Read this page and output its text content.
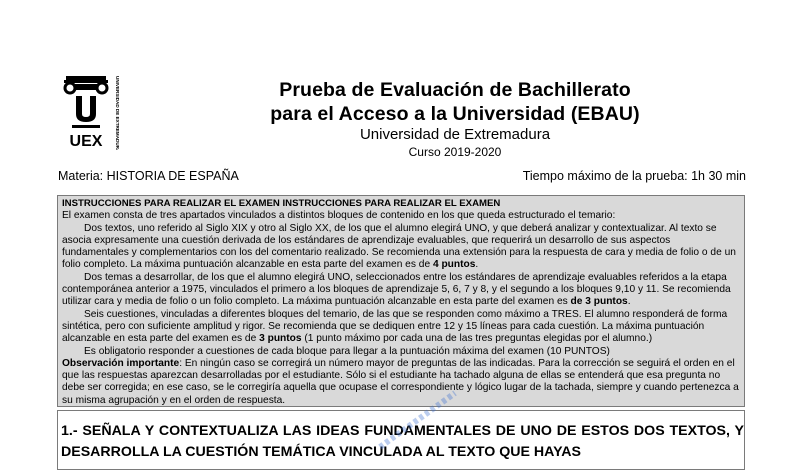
UEX	UNIVERSIDAD DE EXTREMADURA	Prueba de Evaluación de Bachillerato
para el Acceso a la Universidad (EBAU)
Universidad de Extremadura
Curso 2019-2020
Materia: HISTORIA DE ESPAÑA	Tiempo máximo de la prueba: 1h 30 min

INSTRUCCIONES PARA REALIZAR EL EXAMEN INSTRUCCIONES PARA REALIZAR EL EXAMEN

El examen consta de tres apartados vinculados a distintos bloques de contenido en los que queda estructurado el temario:

Dos textos, uno referido al Siglo XIX y otro al Siglo XX, de los que el alumno elegirá UNO, y que deberá analizar y contextualizar. Al texto se asocia expresamente una cuestión derivada de los estándares de aprendizaje evaluables, que requerirá un desarrollo de sus aspectos fundamentales y complementarios con los del comentario realizado. Se recomienda una extensión para la respuesta de cara y media de folio o de un folio completo. La máxima puntuación alcanzable en esta parte del examen es de 4 puntos.

Dos temas a desarrollar, de los que el alumno elegirá UNO, seleccionados entre los estándares de aprendizaje evaluables referidos a la etapa contemporánea anterior a 1975, vinculados el primero a los bloques de aprendizaje 5, 6, 7 y 8, y el segundo a los bloques 9,10 y 11. Se recomienda utilizar cara y media de folio o un folio completo. La máxima puntuación alcanzable en esta parte del examen es de 3 puntos.

Seis cuestiones, vinculadas a diferentes bloques del temario, de las que se responden como máximo a TRES. El alumno responderá de forma sintética, pero con suficiente amplitud y rigor. Se recomienda que se dediquen entre 12 y 15 líneas para cada cuestión. La máxima puntuación alcanzable en esta parte del examen es de 3 puntos (1 punto máximo por cada una de las tres preguntas elegidas por el alumno.)

Es obligatorio responder a cuestiones de cada bloque para llegar a la puntuación máxima del examen (10 PUNTOS)

Observación importante: En ningún caso se corregirá un número mayor de preguntas de las indicadas. Para la corrección se seguirá el orden en el que las respuestas aparezcan desarrolladas por el estudiante. Sólo si el estudiante ha tachado alguna de ellas se entenderá que esa pregunta no debe ser corregida; en ese caso, se le corregiría aquella que ocupase el correspondiente y lógico lugar de la tachada, siempre y cuando pertenezca a su misma agrupación y en el orden de respuesta.

1.- SEÑALA Y CONTEXTUALIZA LAS IDEAS FUNDAMENTALES DE UNO DE ESTOS DOS TEXTOS, Y DESARROLLA LA CUESTIÓN TEMÁTICA VINCULADA AL TEXTO QUE HAYAS
